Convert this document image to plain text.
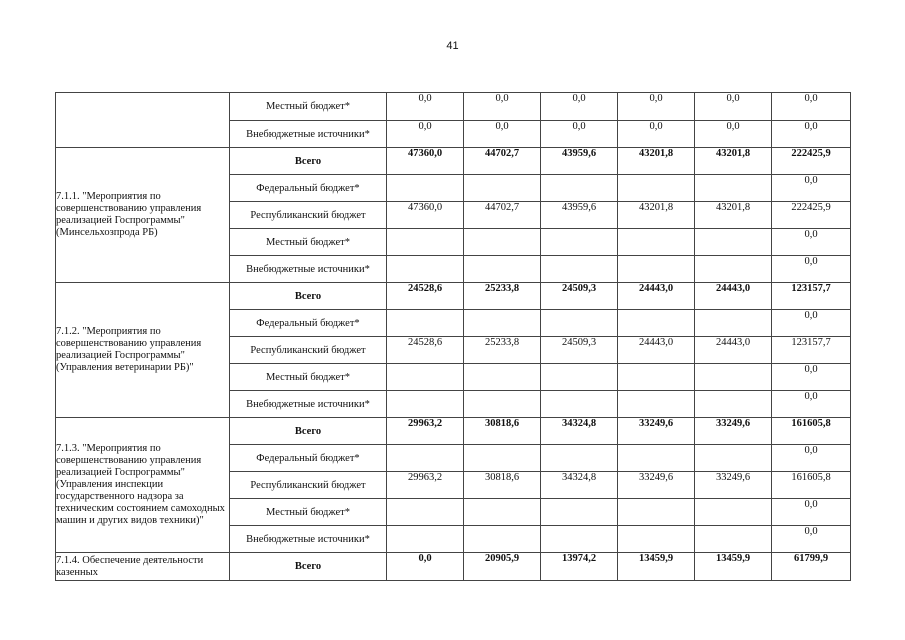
41
	Местный бюджет*	0,0	0,0	0,0	0,0	0,0	0,0
	Внебюджетные источники*	0,0	0,0	0,0	0,0	0,0	0,0
7.1.1. "Мероприятия по совершенствованию управления реализацией Госпрограммы" (Минсельхозпрода РБ)	Всего	47360,0	44702,7	43959,6	43201,8	43201,8	222425,9
	Федеральный бюджет*						0,0
	Республиканский бюджет	47360,0	44702,7	43959,6	43201,8	43201,8	222425,9
	Местный бюджет*						0,0
	Внебюджетные источники*						0,0
7.1.2. "Мероприятия по совершенствованию управления реализацией Госпрограммы" (Управления ветеринарии РБ)"	Всего	24528,6	25233,8	24509,3	24443,0	24443,0	123157,7
	Федеральный бюджет*						0,0
	Республиканский бюджет	24528,6	25233,8	24509,3	24443,0	24443,0	123157,7
	Местный бюджет*						0,0
	Внебюджетные источники*						0,0
7.1.3. "Мероприятия по совершенствованию управления реализацией Госпрограммы" (Управления инспекции государственного надзора за техническим состоянием самоходных машин и других видов техники)"	Всего	29963,2	30818,6	34324,8	33249,6	33249,6	161605,8
	Федеральный бюджет*						0,0
	Республиканский бюджет	29963,2	30818,6	34324,8	33249,6	33249,6	161605,8
	Местный бюджет*						0,0
	Внебюджетные источники*						0,0
7.1.4. Обеспечение деятельности казенных	Всего	0,0	20905,9	13974,2	13459,9	13459,9	61799,9
